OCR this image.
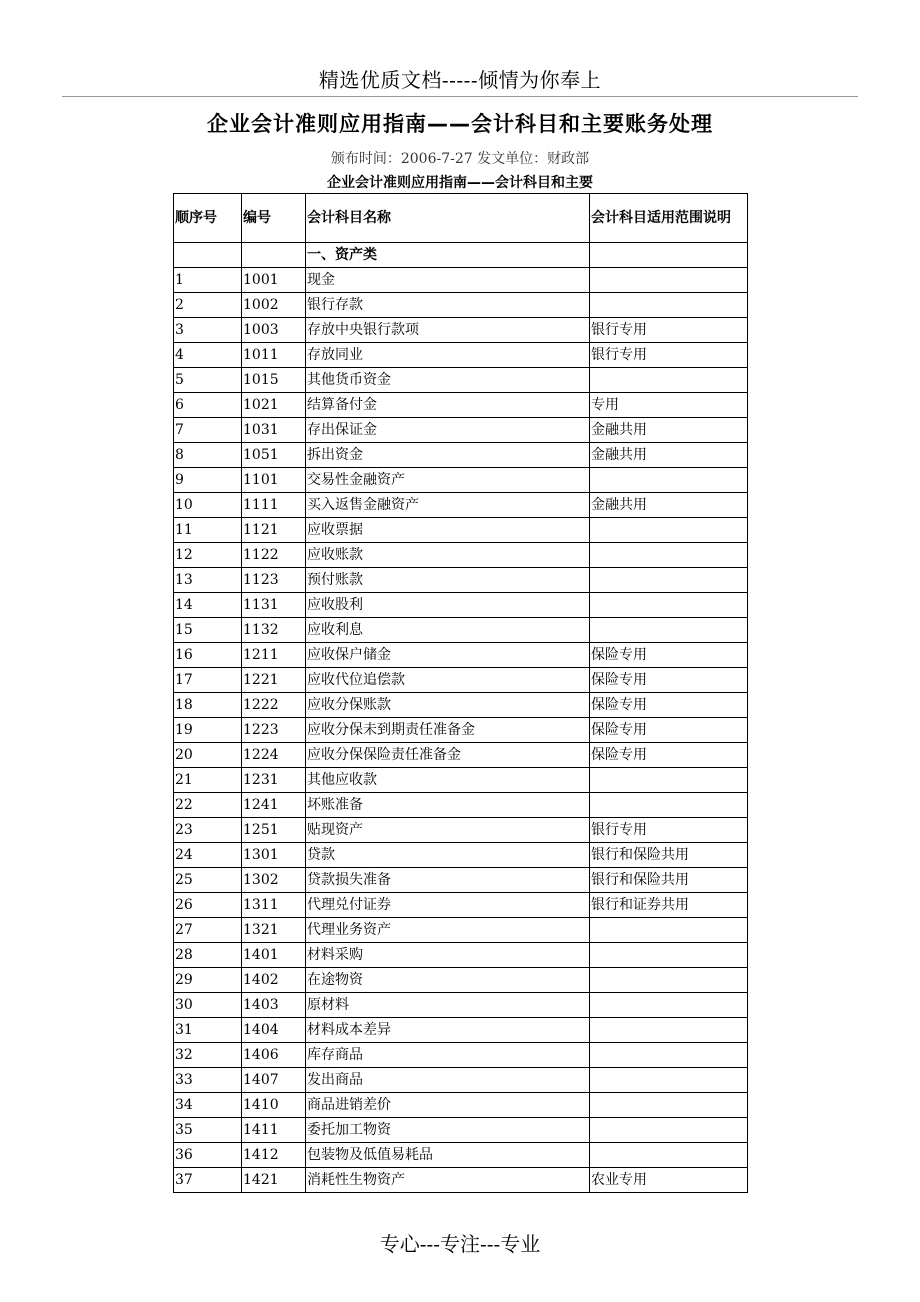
精选优质文档-----倾情为你奉上
企业会计准则应用指南——会计科目和主要账务处理
颁布时间：2006-7-27 发文单位：财政部
企业会计准则应用指南——会计科目和主要
顺序号	编号	会计科目名称	会计科目适用范围说明
		一、资产类	
1	1001	现金	
2	1002	银行存款	
3	1003	存放中央银行款项	银行专用
4	1011	存放同业	银行专用
5	1015	其他货币资金	
6	1021	结算备付金	专用
7	1031	存出保证金	金融共用
8	1051	拆出资金	金融共用
9	1101	交易性金融资产	
10	1111	买入返售金融资产	金融共用
11	1121	应收票据	
12	1122	应收账款	
13	1123	预付账款	
14	1131	应收股利	
15	1132	应收利息	
16	1211	应收保户储金	保险专用
17	1221	应收代位追偿款	保险专用
18	1222	应收分保账款	保险专用
19	1223	应收分保未到期责任准备金	保险专用
20	1224	应收分保保险责任准备金	保险专用
21	1231	其他应收款	
22	1241	坏账准备	
23	1251	贴现资产	银行专用
24	1301	贷款	银行和保险共用
25	1302	贷款损失准备	银行和保险共用
26	1311	代理兑付证券	银行和证券共用
27	1321	代理业务资产	
28	1401	材料采购	
29	1402	在途物资	
30	1403	原材料	
31	1404	材料成本差异	
32	1406	库存商品	
33	1407	发出商品	
34	1410	商品进销差价	
35	1411	委托加工物资	
36	1412	包装物及低值易耗品	
37	1421	消耗性生物资产	农业专用
专心---专注---专业
